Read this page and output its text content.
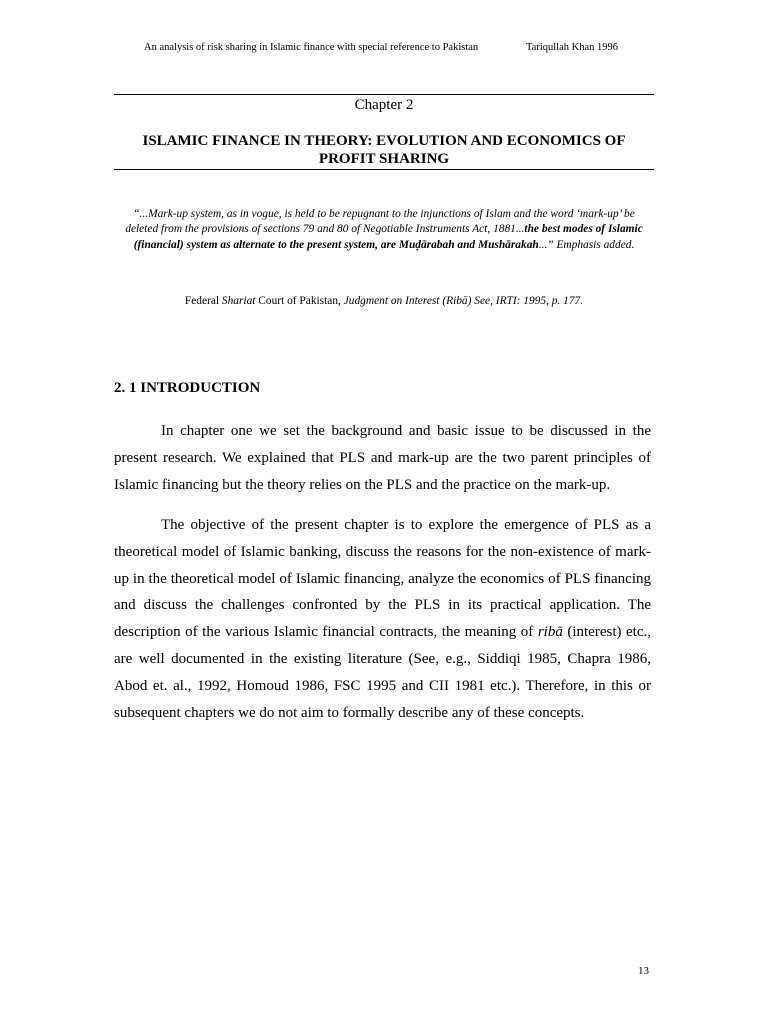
An analysis of risk sharing in Islamic finance with special reference to Pakistan	Tariqullah Khan 1996
Chapter 2
ISLAMIC FINANCE IN THEORY: EVOLUTION AND ECONOMICS OF
PROFIT SHARING
“...Mark-up system, as in vogue, is held to be repugnant to the injunctions of Islam and the word ‘mark-up’ be deleted from the provisions of sections 79 and 80 of Negotiable Instruments Act, 1881...the best modes of Islamic (financial) system as alternate to the present system, are Muḍārabah and Mushārakah...” Emphasis added.
Federal Shariat Court of Pakistan, Judgment on Interest (Ribā) See, IRTI: 1995, p. 177.
2. 1 INTRODUCTION

In chapter one we set the background and basic issue to be discussed in the present research. We explained that PLS and mark-up are the two parent principles of Islamic financing but the theory relies on the PLS and the practice on the mark-up.

The objective of the present chapter is to explore the emergence of PLS as a theoretical model of Islamic banking, discuss the reasons for the non-existence of mark-up in the theoretical model of Islamic financing, analyze the economics of PLS financing and discuss the challenges confronted by the PLS in its practical application. The description of the various Islamic financial contracts, the meaning of ribā (interest) etc., are well documented in the existing literature (See, e.g., Siddiqi 1985, Chapra 1986, Abod et. al., 1992, Homoud 1986, FSC 1995 and CII 1981 etc.). Therefore, in this or subsequent chapters we do not aim to formally describe any of these concepts.

13
